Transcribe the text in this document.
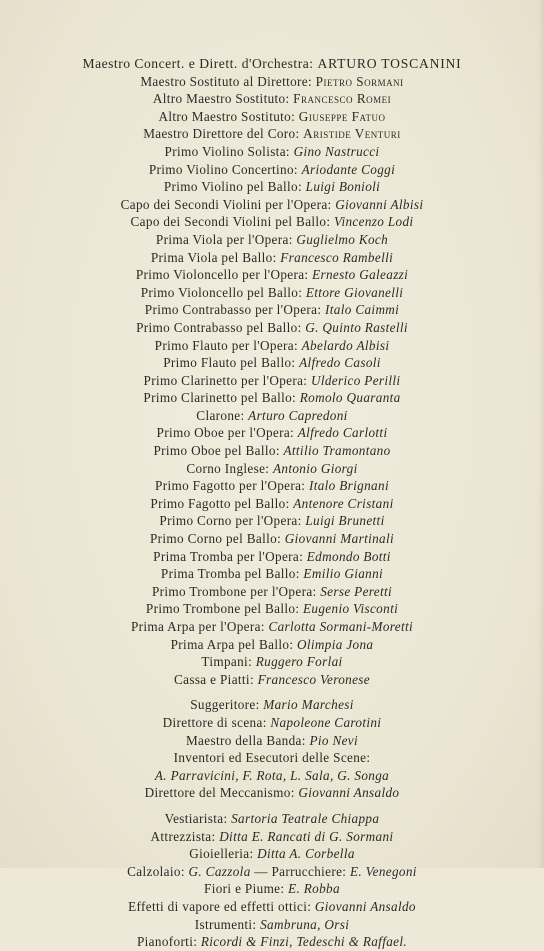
Maestro Concert. e Dirett. d'Orchestra: ARTURO TOSCANINI
Maestro Sostituto al Direttore: Pietro Sormani
Altro Maestro Sostituto: Francesco Romei
Altro Maestro Sostituto: Giuseppe Fatuo
Maestro Direttore del Coro: Aristide Venturi
Primo Violino Solista: Gino Nastrucci
Primo Violino Concertino: Ariodante Coggi
Primo Violino pel Ballo: Luigi Bonioli
Capo dei Secondi Violini per l'Opera: Giovanni Albisi
Capo dei Secondi Violini pel Ballo: Vincenzo Lodi
Prima Viola per l'Opera: Guglielmo Koch
Prima Viola pel Ballo: Francesco Rambelli
Primo Violoncello per l'Opera: Ernesto Galeazzi
Primo Violoncello pel Ballo: Ettore Giovanelli
Primo Contrabasso per l'Opera: Italo Caimmi
Primo Contrabasso pel Ballo: G. Quinto Rastelli
Primo Flauto per l'Opera: Abelardo Albisi
Primo Flauto pel Ballo: Alfredo Casoli
Primo Clarinetto per l'Opera: Ulderico Perilli
Primo Clarinetto pel Ballo: Romolo Quaranta
Clarone: Arturo Capredoni
Primo Oboe per l'Opera: Alfredo Carlotti
Primo Oboe pel Ballo: Attilio Tramontano
Corno Inglese: Antonio Giorgi
Primo Fagotto per l'Opera: Italo Brignani
Primo Fagotto pel Ballo: Antenore Cristani
Primo Corno per l'Opera: Luigi Brunetti
Primo Corno pel Ballo: Giovanni Martinali
Prima Tromba per l'Opera: Edmondo Botti
Prima Tromba pel Ballo: Emilio Gianni
Primo Trombone per l'Opera: Serse Peretti
Primo Trombone pel Ballo: Eugenio Visconti
Prima Arpa per l'Opera: Carlotta Sormani-Moretti
Prima Arpa pel Ballo: Olimpia Jona
Timpani: Ruggero Forlai
Cassa e Piatti: Francesco Veronese
Suggeritore: Mario Marchesi
Direttore di scena: Napoleone Carotini
Maestro della Banda: Pio Nevi
Inventori ed Esecutori delle Scene:
A. Parravicini, F. Rota, L. Sala, G. Songa
Direttore del Meccanismo: Giovanni Ansaldo
Vestiarista: Sartoria Teatrale Chiappa
Attrezzista: Ditta E. Rancati di G. Sormani
Gioielleria: Ditta A. Corbella
Calzolaio: G. Cazzola — Parrucchiere: E. Venegoni
Fiori e Piume: E. Robba
Effetti di vapore ed effetti ottici: Giovanni Ansaldo
Istrumenti: Sambruna, Orsi
Pianoforti: Ricordi & Finzi, Tedeschi & Raffael.
